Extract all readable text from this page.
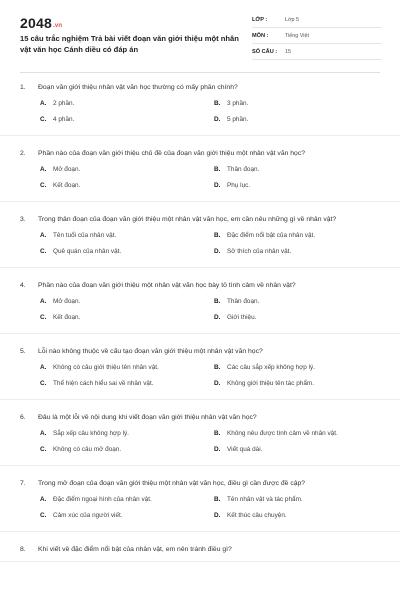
2048.vn
15 câu trắc nghiệm Trả bài viết đoạn văn giới thiệu một nhân vật văn học Cánh diều có đáp án
LỚP :	Lớp 5
MÔN :	Tiếng Việt
SỐ CÂU :	15
1.	Đoạn văn giới thiệu nhân vật văn học thường có mấy phần chính?
A.	2 phần.	B.	3 phần.
C.	4 phần.	D.	5 phần.
2.	Phần nào của đoạn văn giới thiệu chủ đề của đoạn văn giới thiệu một nhân vật văn học?
A.	Mở đoạn.	B.	Thân đoạn.
C.	Kết đoạn.	D.	Phụ lục.
3.	Trong thân đoạn của đoạn văn giới thiệu một nhân vật văn học, em cần nêu những gì về nhân vật?
A.	Tên tuổi của nhân vật.	B.	Đặc điểm nổi bật của nhân vật.
C.	Quê quán của nhân vật.	D.	Sở thích của nhân vật.
4.	Phần nào của đoạn văn giới thiệu một nhân vật văn học bày tỏ tình cảm về nhân vật?
A.	Mở đoạn.	B.	Thân đoạn.
C.	Kết đoạn.	D.	Giới thiệu.
5.	Lỗi nào không thuộc về cấu tạo đoạn văn giới thiệu một nhân vật văn học?
A.	Không có câu giới thiệu tên nhân vật.	B.	Các câu sắp xếp không hợp lý.
C.	Thể hiện cách hiểu sai về nhân vật.	D.	Không giới thiệu tên tác phẩm.
6.	Đâu là một lỗi về nội dung khi viết đoạn văn giới thiệu nhân vật văn học?
A.	Sắp xếp câu không hợp lý.	B.	Không nêu được tình cảm về nhân vật.
C.	Không có câu mở đoạn.	D.	Viết quá dài.
7.	Trong mở đoạn của đoạn văn giới thiệu một nhân vật văn học, điều gì cần được đề cập?
A.	Đặc điểm ngoại hình của nhân vật.	B.	Tên nhân vật và tác phẩm.
C.	Cảm xúc của người viết.	D.	Kết thúc câu chuyện.
8.	Khi viết về đặc điểm nổi bật của nhân vật, em nên tránh điều gì?
